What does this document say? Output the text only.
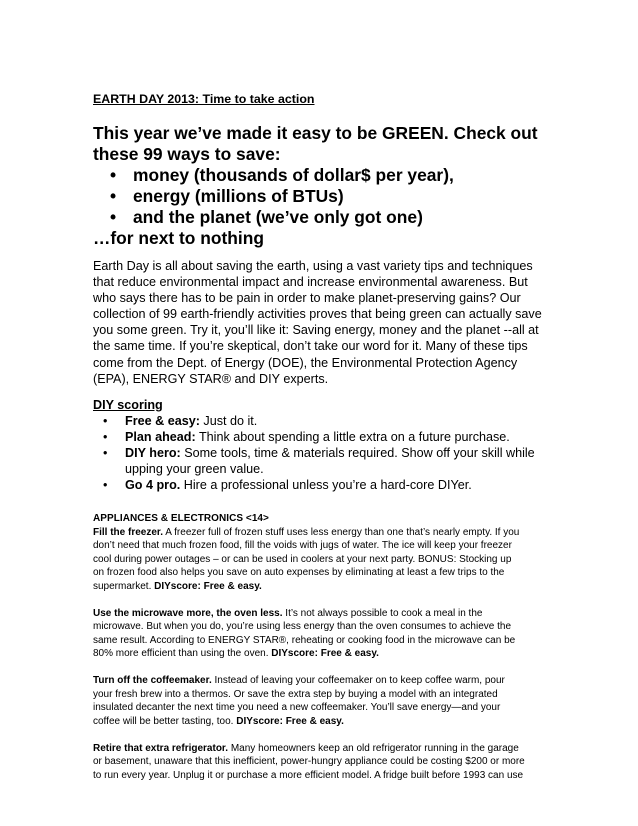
EARTH DAY 2013: Time to take action
This year we’ve made it easy to be GREEN. Check out
these 99 ways to save:
• money (thousands of dollar$ per year),
• energy (millions of BTUs)
• and the planet (we’ve only got one)
…for next to nothing
Earth Day is all about saving the earth, using a vast variety tips and techniques
that reduce environmental impact and increase environmental awareness. But
who says there has to be pain in order to make planet-preserving gains? Our
collection of 99 earth-friendly activities proves that being green can actually save
you some green. Try it, you’ll like it: Saving energy, money and the planet --all at
the same time. If you’re skeptical, don’t take our word for it. Many of these tips
come from the Dept. of Energy (DOE), the Environmental Protection Agency
(EPA), ENERGY STAR® and DIY experts.
DIY scoring
• Free & easy: Just do it.
• Plan ahead: Think about spending a little extra on a future purchase.
• DIY hero: Some tools, time & materials required. Show off your skill while
upping your green value.
• Go 4 pro. Hire a professional unless you’re a hard-core DIYer.
APPLIANCES & ELECTRONICS <14>
Fill the freezer. A freezer full of frozen stuff uses less energy than one that’s nearly empty. If you
don’t need that much frozen food, fill the voids with jugs of water. The ice will keep your freezer
cool during power outages – or can be used in coolers at your next party. BONUS: Stocking up
on frozen food also helps you save on auto expenses by eliminating at least a few trips to the
supermarket. DIYscore: Free & easy.
Use the microwave more, the oven less. It’s not always possible to cook a meal in the
microwave. But when you do, you’re using less energy than the oven consumes to achieve the
same result. According to ENERGY STAR®, reheating or cooking food in the microwave can be
80% more efficient than using the oven. DIYscore: Free & easy.
Turn off the coffeemaker. Instead of leaving your coffeemaker on to keep coffee warm, pour
your fresh brew into a thermos. Or save the extra step by buying a model with an integrated
insulated decanter the next time you need a new coffeemaker. You’ll save energy—and your
coffee will be better tasting, too. DIYscore: Free & easy.
Retire that extra refrigerator. Many homeowners keep an old refrigerator running in the garage
or basement, unaware that this inefficient, power-hungry appliance could be costing $200 or more
to run every year. Unplug it or purchase a more efficient model. A fridge built before 1993 can use
